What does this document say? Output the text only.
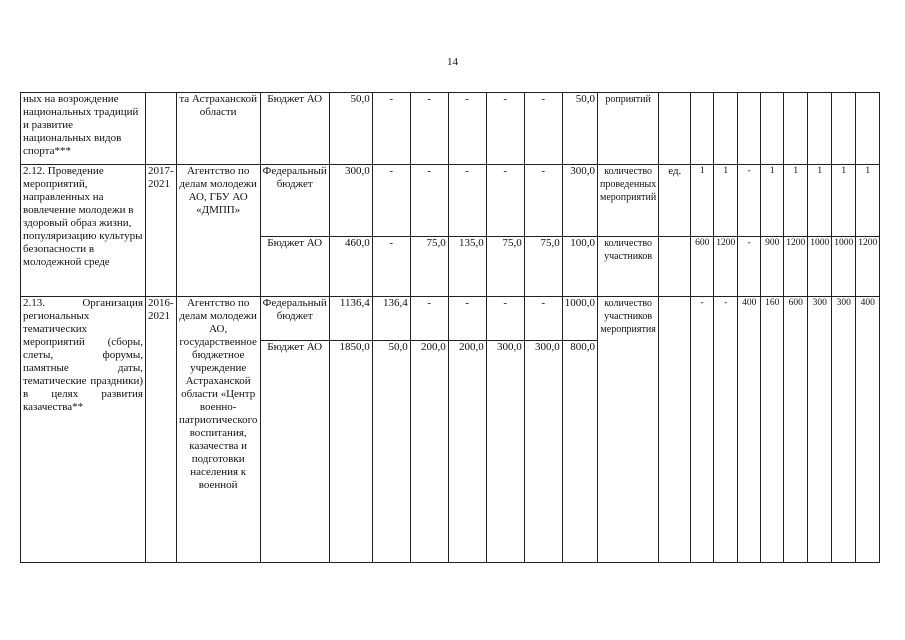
14
ных на возрождение национальных традиций и развитие национальных видов спорта***		та Астраханской области	Бюджет АО	50,0	-	-	-	-	-	50,0	роприятий									
2.12. Проведение мероприятий, направленных на вовлечение молодежи в здоровый образ жизни, популяризацию культуры безопасности в молодежной среде	2017-2021	Агентство по делам молодежи АО, ГБУ АО «ДМПП»	Федеральный бюджет	300,0	-	-	-	-	-	300,0	количество проведенных мероприятий	ед.	1	1	-	1	1	1	1	1
			Бюджет АО	460,0	-	75,0	135,0	75,0	75,0	100,0	количество участников		600	1200	-	900	1200	1000	1000	1200
2.13. Организация региональных тематических мероприятий (сборы, слеты, форумы, памятные даты, тематические праздники) в целях развития казачества**	2016-2021	Агентство по делам молодежи АО, государственное бюджетное учреждение Астраханской области «Центр военно-патриотического воспитания, казачества и подготовки населения к военной	Федеральный бюджет	1136,4	136,4	-	-	-	-	1000,0	количество участников мероприятия		-	-	400	160	600	300	300	400
			Бюджет АО	1850,0	50,0	200,0	200,0	300,0	300,0	800,0										
